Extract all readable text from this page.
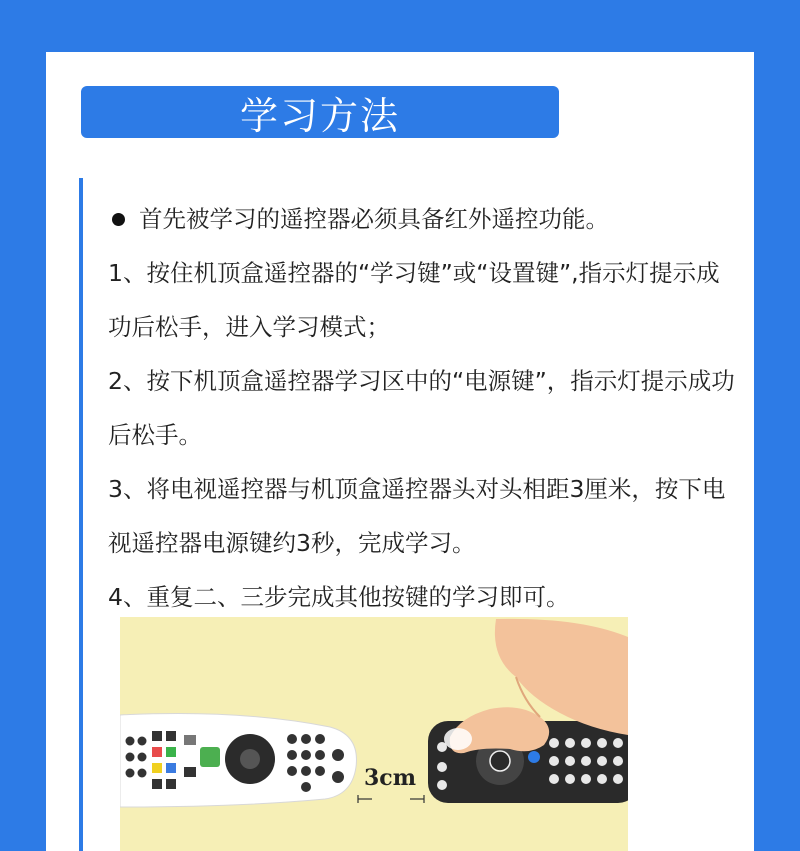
学习方法

首先被学习的遥控器必须具备红外遥控功能。

1、按住机顶盒遥控器的“学习键”或“设置键”,指示灯提示成功后松手，进入学习模式；

2、按下机顶盒遥控器学习区中的“电源键”，指示灯提示成功后松手。

3、将电视遥控器与机顶盒遥控器头对头相距3厘米，按下电视遥控器电源键约3秒，完成学习。

4、重复二、三步完成其他按键的学习即可。

3cm
